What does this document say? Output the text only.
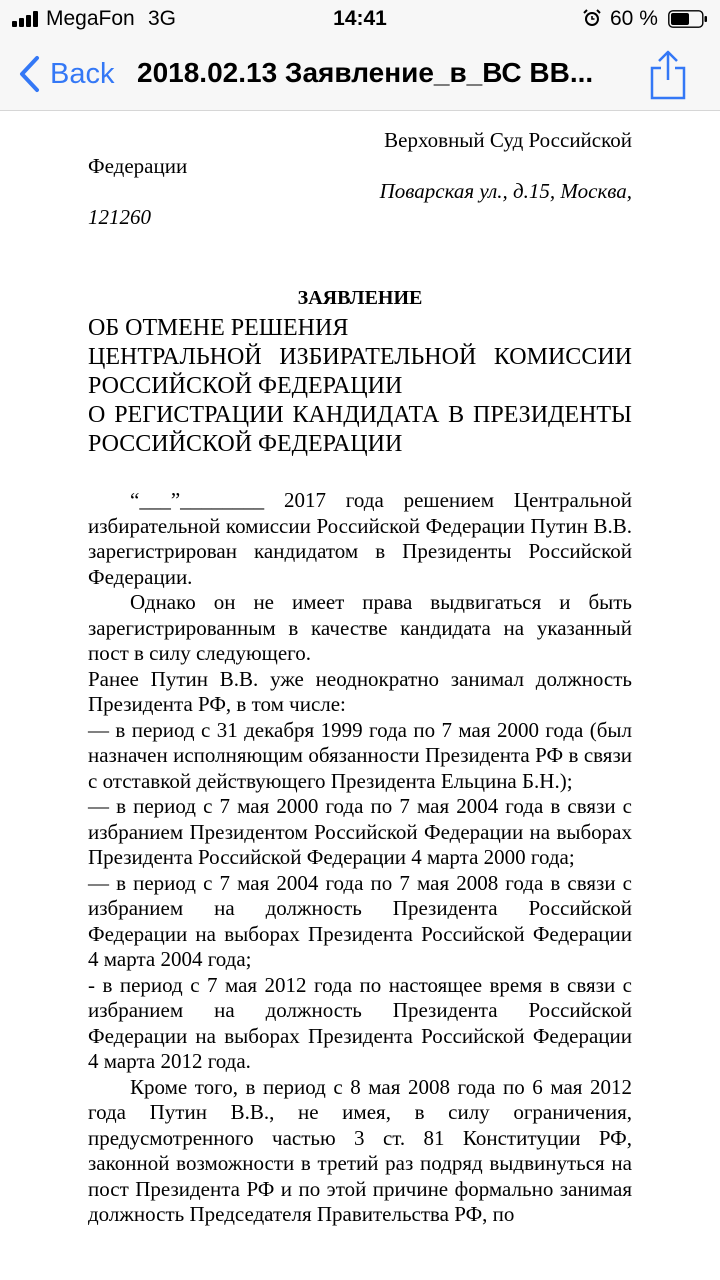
MegaFon 3G	14:41	60 %
Back 2018.02.13 Заявление_в_ВС ВВ...

Верховный Суд Российской

Федерации

Поварская ул., д.15, Москва,

121260

ЗАЯВЛЕНИЕ

ОБ ОТМЕНЕ РЕШЕНИЯ

ЦЕНТРАЛЬНОЙ ИЗБИРАТЕЛЬНОЙ КОМИССИИ РОССИЙСКОЙ ФЕДЕРАЦИИ

О РЕГИСТРАЦИИ КАНДИДАТА В ПРЕЗИДЕНТЫ РОССИЙСКОЙ ФЕДЕРАЦИИ

“___”________ 2017 года решением Центральной избирательной комиссии Российской Федерации Путин В.В. зарегистрирован кандидатом в Президенты Российской Федерации.

Однако он не имеет права выдвигаться и быть зарегистрированным в качестве кандидата на указанный пост в силу следующего.

Ранее Путин В.В. уже неоднократно занимал должность Президента РФ, в том числе:

— в период с 31 декабря 1999 года по 7 мая 2000 года (был назначен исполняющим обязанности Президента РФ в связи с отставкой действующего Президента Ельцина Б.Н.);

— в период с 7 мая 2000 года по 7 мая 2004 года в связи с избранием Президентом Российской Федерации на выборах Президента Российской Федерации 4 марта 2000 года;

— в период с 7 мая 2004 года по 7 мая 2008 года в связи с избранием на должность Президента Российской Федерации на выборах Президента Российской Федерации 4 марта 2004 года;

- в период с 7 мая 2012 года по настоящее время в связи с избранием на должность Президента Российской Федерации на выборах Президента Российской Федерации 4 марта 2012 года.

Кроме того, в период с 8 мая 2008 года по 6 мая 2012 года Путин В.В., не имея, в силу ограничения, предусмотренного частью 3 ст. 81 Конституции РФ, законной возможности в третий раз подряд выдвинуться на пост Президента РФ и по этой причине формально занимая должность Председателя Правительства РФ, по
